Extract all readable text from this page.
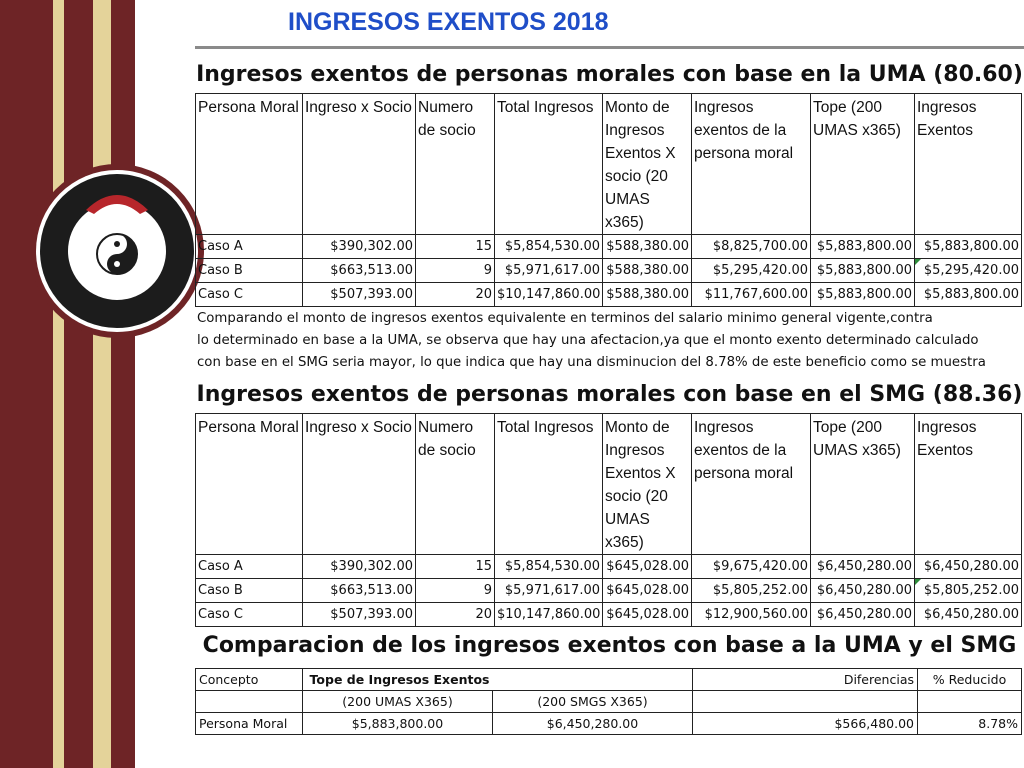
INGRESOS EXENTOS 2018
Ingresos exentos de personas morales con base en la UMA (80.60)
Persona Moral	Ingreso x Socio	Numero de socio	Total Ingresos	Monto de Ingresos Exentos X socio (20 UMAS x365)	Ingresos exentos de la persona moral	Tope (200 UMAS x365)	Ingresos Exentos
Caso A	$390,302.00	15	$5,854,530.00	$588,380.00	$8,825,700.00	$5,883,800.00	$5,883,800.00
Caso B	$663,513.00	9	$5,971,617.00	$588,380.00	$5,295,420.00	$5,883,800.00	$5,295,420.00
Caso C	$507,393.00	20	$10,147,860.00	$588,380.00	$11,767,600.00	$5,883,800.00	$5,883,800.00
Comparando el monto de ingresos exentos equivalente en terminos del salario minimo general vigente,contra
lo determinado en base a la UMA, se observa que hay una afectacion,ya que el monto exento determinado calculado
con base en el SMG seria mayor, lo que indica que hay una disminucion del 8.78% de este beneficio como se muestra
Ingresos exentos de personas morales con base en el SMG (88.36)
Persona Moral	Ingreso x Socio	Numero de socio	Total Ingresos	Monto de Ingresos Exentos X socio (20 UMAS x365)	Ingresos exentos de la persona moral	Tope (200 UMAS x365)	Ingresos Exentos
Caso A	$390,302.00	15	$5,854,530.00	$645,028.00	$9,675,420.00	$6,450,280.00	$6,450,280.00
Caso B	$663,513.00	9	$5,971,617.00	$645,028.00	$5,805,252.00	$6,450,280.00	$5,805,252.00
Caso C	$507,393.00	20	$10,147,860.00	$645,028.00	$12,900,560.00	$6,450,280.00	$6,450,280.00
Comparacion de los ingresos exentos con base a la UMA y el SMG
Concepto	Tope de Ingresos Exentos		Diferencias	% Reducido
	(200 UMAS X365)	(200 SMGS X365)		
Persona Moral	$5,883,800.00	$6,450,280.00	$566,480.00	8.78%
